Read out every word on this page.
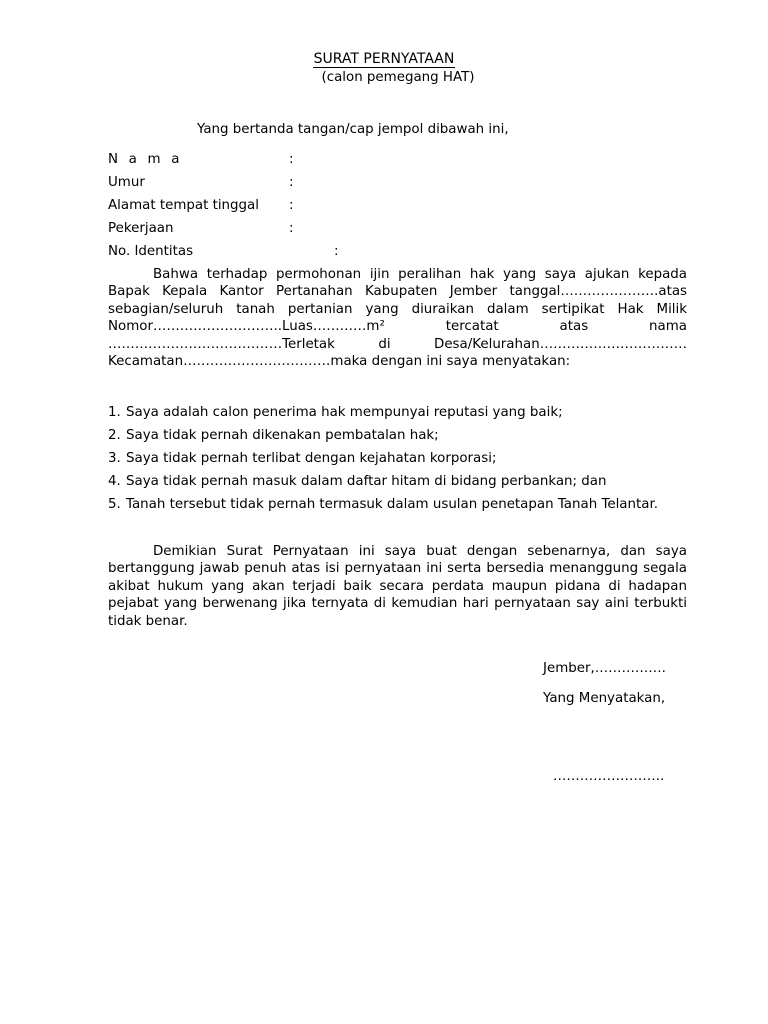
SURAT PERNYATAAN
(calon pemegang HAT)
Yang bertanda tangan/cap jempol dibawah ini,
N a m a	:
Umur	:
Alamat tempat tinggal :
Pekerjaan	:
No. Identitas	:

Bahwa terhadap permohonan ijin peralihan hak yang saya ajukan kepada Bapak Kepala Kantor Pertanahan Kabupaten Jember tanggal………………….atas sebagian/seluruh tanah pertanian yang diuraikan dalam sertipikat Hak Milik Nomor………………………..Luas…………m² tercatat atas nama …………………………………Terletak di Desa/Kelurahan……………………………Kecamatan……………………………maka dengan ini saya menyatakan:

1. Saya adalah calon penerima hak mempunyai reputasi yang baik;
2. Saya tidak pernah dikenakan pembatalan hak;
3. Saya tidak pernah terlibat dengan kejahatan korporasi;
4. Saya tidak pernah masuk dalam daftar hitam di bidang perbankan; dan
5. Tanah tersebut tidak pernah termasuk dalam usulan penetapan Tanah Telantar.

Demikian Surat Pernyataan ini saya buat dengan sebenarnya, dan saya bertanggung jawab penuh atas isi pernyataan ini serta bersedia menanggung segala akibat hukum yang akan terjadi baik secara perdata maupun pidana di hadapan pejabat yang berwenang jika ternyata di kemudian hari pernyataan say aini terbukti tidak benar.

Jember,…………….
Yang Menyatakan,
…………………….
